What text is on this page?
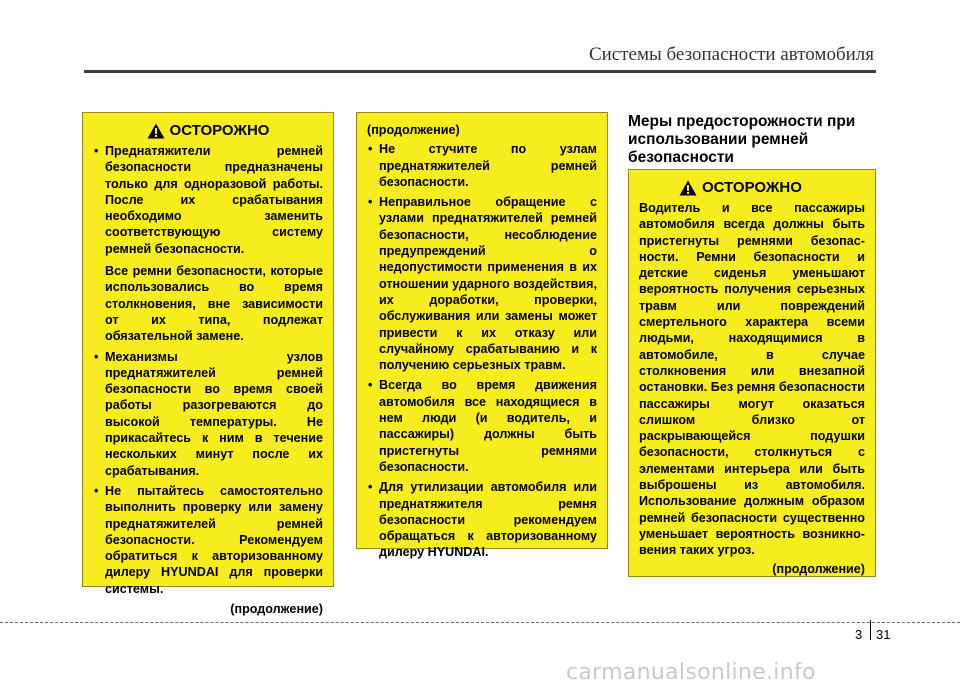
Системы безопасности автомобиля
ОСТОРОЖНО
• Преднатяжители ремней безопасности предназначены только для одноразовой работы. После их срабатывания необходимо заменить соответствующую систему ремней безопасности.
Все ремни безопасности, которые использовались во время столкновения, вне зависимости от их типа, подлежат обязательной замене.
• Механизмы узлов преднатяжителей ремней безопасности во время своей работы разогреваются до высокой температуры. Не прикасайтесь к ним в течение нескольких минут после их срабатывания.
• Не пытайтесь самостоятельно выполнить проверку или замену преднатяжителей ремней безопасности. Рекомендуем обратиться к авторизованному дилеру HYUNDAI для проверки системы.
(продолжение)
(продолжение)
• Не стучите по узлам преднатяжителей ремней безопасности.
• Неправильное обращение с узлами преднатяжителей ремней безопасности, несоблюдение предупреждений о недопустимости применения в их отношении ударного воздействия, их доработки, проверки, обслуживания или замены может привести к их отказу или случайному срабатыванию и к получению серьезных травм.
• Всегда во время движения автомобиля все находящиеся в нем люди (и водитель, и пассажиры) должны быть пристегнуты ремнями безопасности.
• Для утилизации автомобиля или преднатяжителя ремня безопасности рекомендуем обращаться к авторизованному дилеру HYUNDAI.
Меры предосторожности при использовании ремней безопасности
ОСТОРОЖНО
Водитель и все пассажиры автомобиля всегда должны быть пристегнуты ремнями безопас-ности. Ремни безопасности и детские сиденья уменьшают вероятность получения серьезных травм или повреждений смертельного характера всеми людьми, находящимися в автомобиле, в случае столкновения или внезапной остановки. Без ремня безопасности пассажиры могут оказаться слишком близко от раскрывающейся подушки безопасности, столкнуться с элементами интерьера или быть выброшены из автомобиля. Использование должным образом ремней безопасности существенно уменьшает вероятность возникно-вения таких угроз.
(продолжение)
3 31
carmanualsonline.info
